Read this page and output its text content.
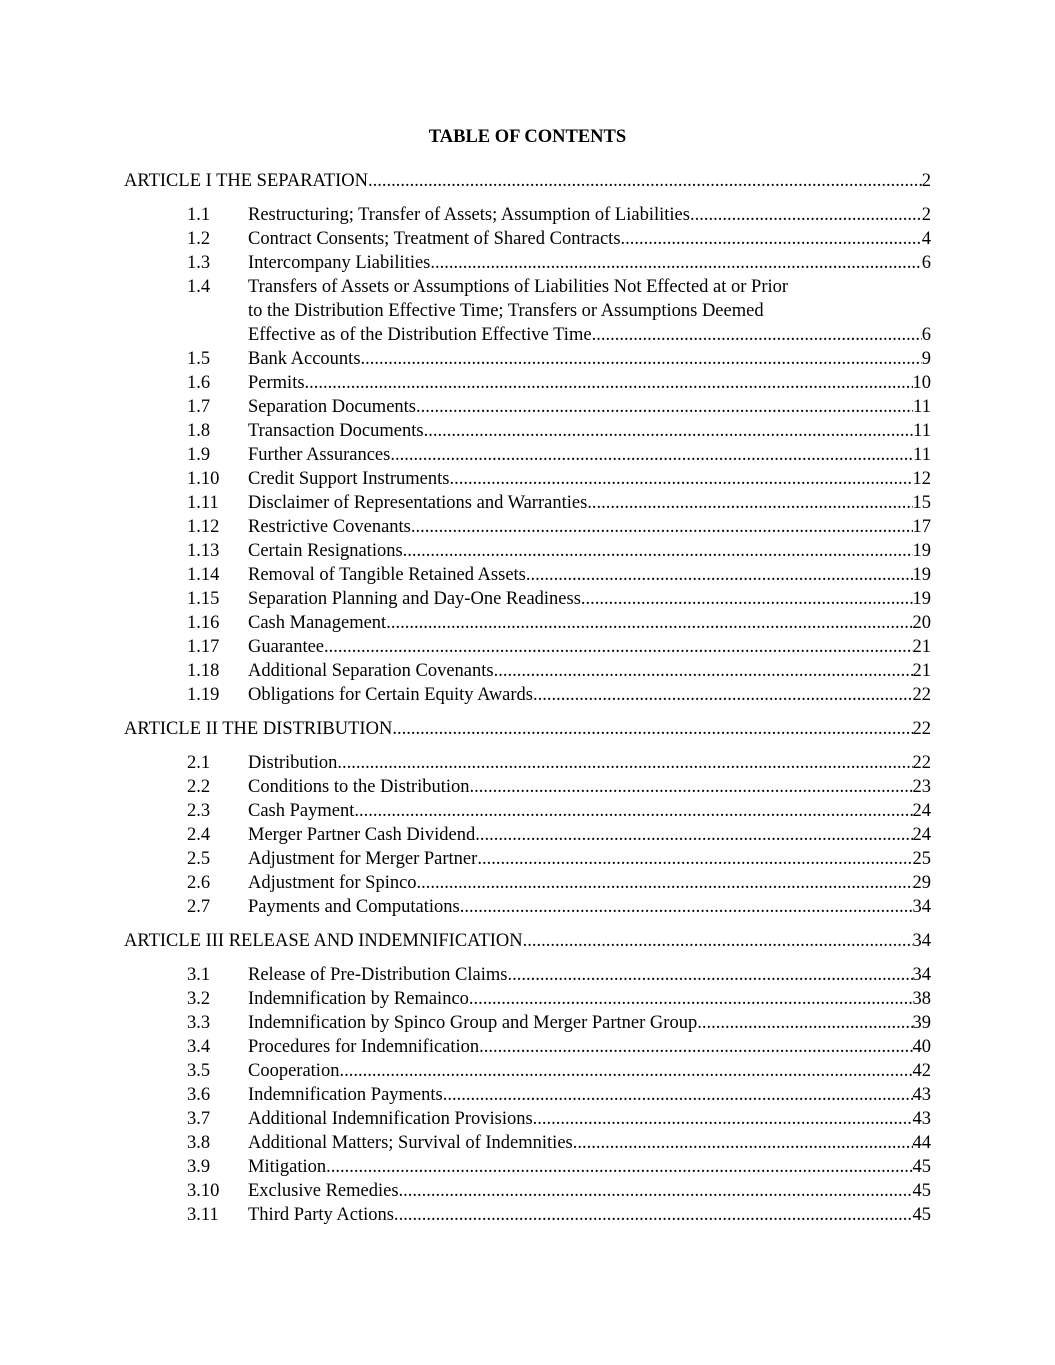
TABLE OF CONTENTS
ARTICLE I THE SEPARATION .....	2
1.1	Restructuring; Transfer of Assets; Assumption of Liabilities .....	2
1.2	Contract Consents; Treatment of Shared Contracts .....	4
1.3	Intercompany Liabilities .....	6
1.4	Transfers of Assets or Assumptions of Liabilities Not Effected at or Prior
to the Distribution Effective Time; Transfers or Assumptions Deemed
Effective as of the Distribution Effective Time .....	6
1.5	Bank Accounts .....	9
1.6	Permits .....	10
1.7	Separation Documents .....	11
1.8	Transaction Documents .....	11
1.9	Further Assurances .....	11
1.10	Credit Support Instruments .....	12
1.11	Disclaimer of Representations and Warranties .....	15
1.12	Restrictive Covenants .....	17
1.13	Certain Resignations .....	19
1.14	Removal of Tangible Retained Assets .....	19
1.15	Separation Planning and Day-One Readiness .....	19
1.16	Cash Management .....	20
1.17	Guarantee. .....	21
1.18	Additional Separation Covenants. .....	21
1.19	Obligations for Certain Equity Awards.. .....	22
ARTICLE II THE DISTRIBUTION .....	22
2.1	Distribution .....	22
2.2	Conditions to the Distribution .....	23
2.3	Cash Payment .....	24
2.4	Merger Partner Cash Dividend .....	24
2.5	Adjustment for Merger Partner .....	25
2.6	Adjustment for Spinco .....	29
2.7	Payments and Computations .....	34
ARTICLE III RELEASE AND INDEMNIFICATION .....	34
3.1	Release of Pre-Distribution Claims .....	34
3.2	Indemnification by Remainco .....	38
3.3	Indemnification by Spinco Group and Merger Partner Group .....	39
3.4	Procedures for Indemnification .....	40
3.5	Cooperation .....	42
3.6	Indemnification Payments .....	43
3.7	Additional Indemnification Provisions .....	43
3.8	Additional Matters; Survival of Indemnities .....	44
3.9	Mitigation .....	45
3.10	Exclusive Remedies. .....	45
3.11	Third Party Actions. .....	45
